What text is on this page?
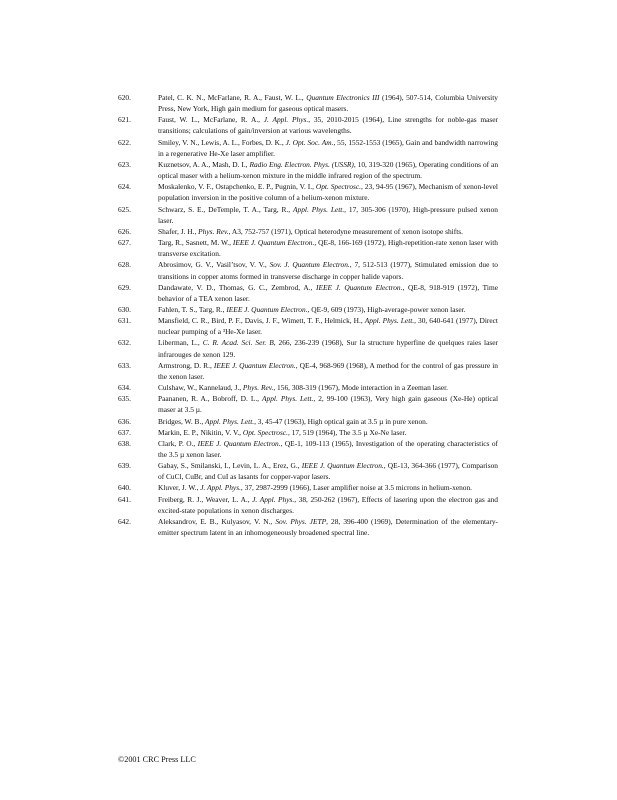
620.	Patel, C. K. N., McFarlane, R. A., Faust, W. L., Quantum Electronics III (1964), 507-514, Columbia University Press, New York, High gain medium for gaseous optical masers.
621.	Faust, W. L., McFarlane, R. A., J. Appl. Phys., 35, 2010-2015 (1964), Line strengths for noble-gas maser transitions; calculations of gain/inversion at various wavelengths.
622.	Smiley, V. N., Lewis, A. L., Forbes, D. K., J. Opt. Soc. Am., 55, 1552-1553 (1965), Gain and bandwidth narrowing in a regenerative He-Xe laser amplifier.
623.	Kuznetsov, A. A., Mash, D. I., Radio Eng. Electron. Phys. (USSR), 10, 319-320 (1965), Operating conditions of an optical maser with a helium-xenon mixture in the middle infrared region of the spectrum.
624.	Moskalenko, V. F., Ostapchenko, E. P., Pugnin, V. I., Opt. Spectrosc., 23, 94-95 (1967), Mechanism of xenon-level population inversion in the positive column of a helium-xenon mixture.
625.	Schwarz, S. E., DeTemple, T. A., Targ, R., Appl. Phys. Lett., 17, 305-306 (1970), High-pressure pulsed xenon laser.
626.	Shafer, J. H., Phys. Rev., A3, 752-757 (1971), Optical heterodyne measurement of xenon isotope shifts.
627.	Targ, R., Sasnett, M. W., IEEE J. Quantum Electron., QE-8, 166-169 (1972), High-repetition-rate xenon laser with transverse excitation.
628.	Abrosimov, G. V., Vasil’tsov, V. V., Sov. J. Quantum Electron., 7, 512-513 (1977), Stimulated emission due to transitions in copper atoms formed in transverse discharge in copper halide vapors.
629.	Dandawate, V. D., Thomas, G. C., Zembrod, A., IEEE J. Quantum Electron., QE-8, 918-919 (1972), Time behavior of a TEA xenon laser.
630.	Fahlen, T. S., Targ, R., IEEE J. Quantum Electron., QE-9, 609 (1973), High-average-power xenon laser.
631.	Mansfield, C. R., Bird, P. F., Davis, J. F., Wimett, T. F., Helmick, H., Appl. Phys. Lett., 30, 640-641 (1977), Direct nuclear pumping of a ³He-Xe laser.
632.	Liberman, L., C. R. Acad. Sci. Ser. B, 266, 236-239 (1968), Sur la structure hyperfine de quelques raies laser infrarouges de xenon 129.
633.	Armstrong, D. R., IEEE J. Quantum Electron., QE-4, 968-969 (1968), A method for the control of gas pressure in the xenon laser.
634.	Culshaw, W., Kannelaud, J., Phys. Rev., 156, 308-319 (1967), Mode interaction in a Zeeman laser.
635.	Paananen, R. A., Bobroff, D. L., Appl. Phys. Lett., 2, 99-100 (1963), Very high gain gaseous (Xe-He) optical maser at 3.5 µ.
636.	Bridges, W. B., Appl. Phys. Lett., 3, 45-47 (1963), High optical gain at 3.5 µ in pure xenon.
637.	Markin, E. P., Nikitin, V. V., Opt. Spectrosc., 17, 519 (1964), The 3.5 µ Xe-Ne laser.
638.	Clark, P. O., IEEE J. Quantum Electron., QE-1, 109-113 (1965), Investigation of the operating characteristics of the 3.5 µ xenon laser.
639.	Gabay, S., Smilanski, I., Levin, L. A., Erez, G., IEEE J. Quantum Electron., QE-13, 364-366 (1977), Comparison of CuCl, CuBr, and CuI as lasants for copper-vapor lasers.
640.	Kluver, J. W., J. Appl. Phys., 37, 2987-2999 (1966), Laser amplifier noise at 3.5 microns in helium-xenon.
641.	Freiberg, R. J., Weaver, L. A., J. Appl. Phys., 38, 250-262 (1967), Effects of lasering upon the electron gas and excited-state populations in xenon discharges.
642.	Aleksandrov, E. B., Kulyasov, V. N., Sov. Phys. JETP, 28, 396-400 (1969), Determination of the elementary-emitter spectrum latent in an inhomogeneously broadened spectral line.
©2001 CRC Press LLC
